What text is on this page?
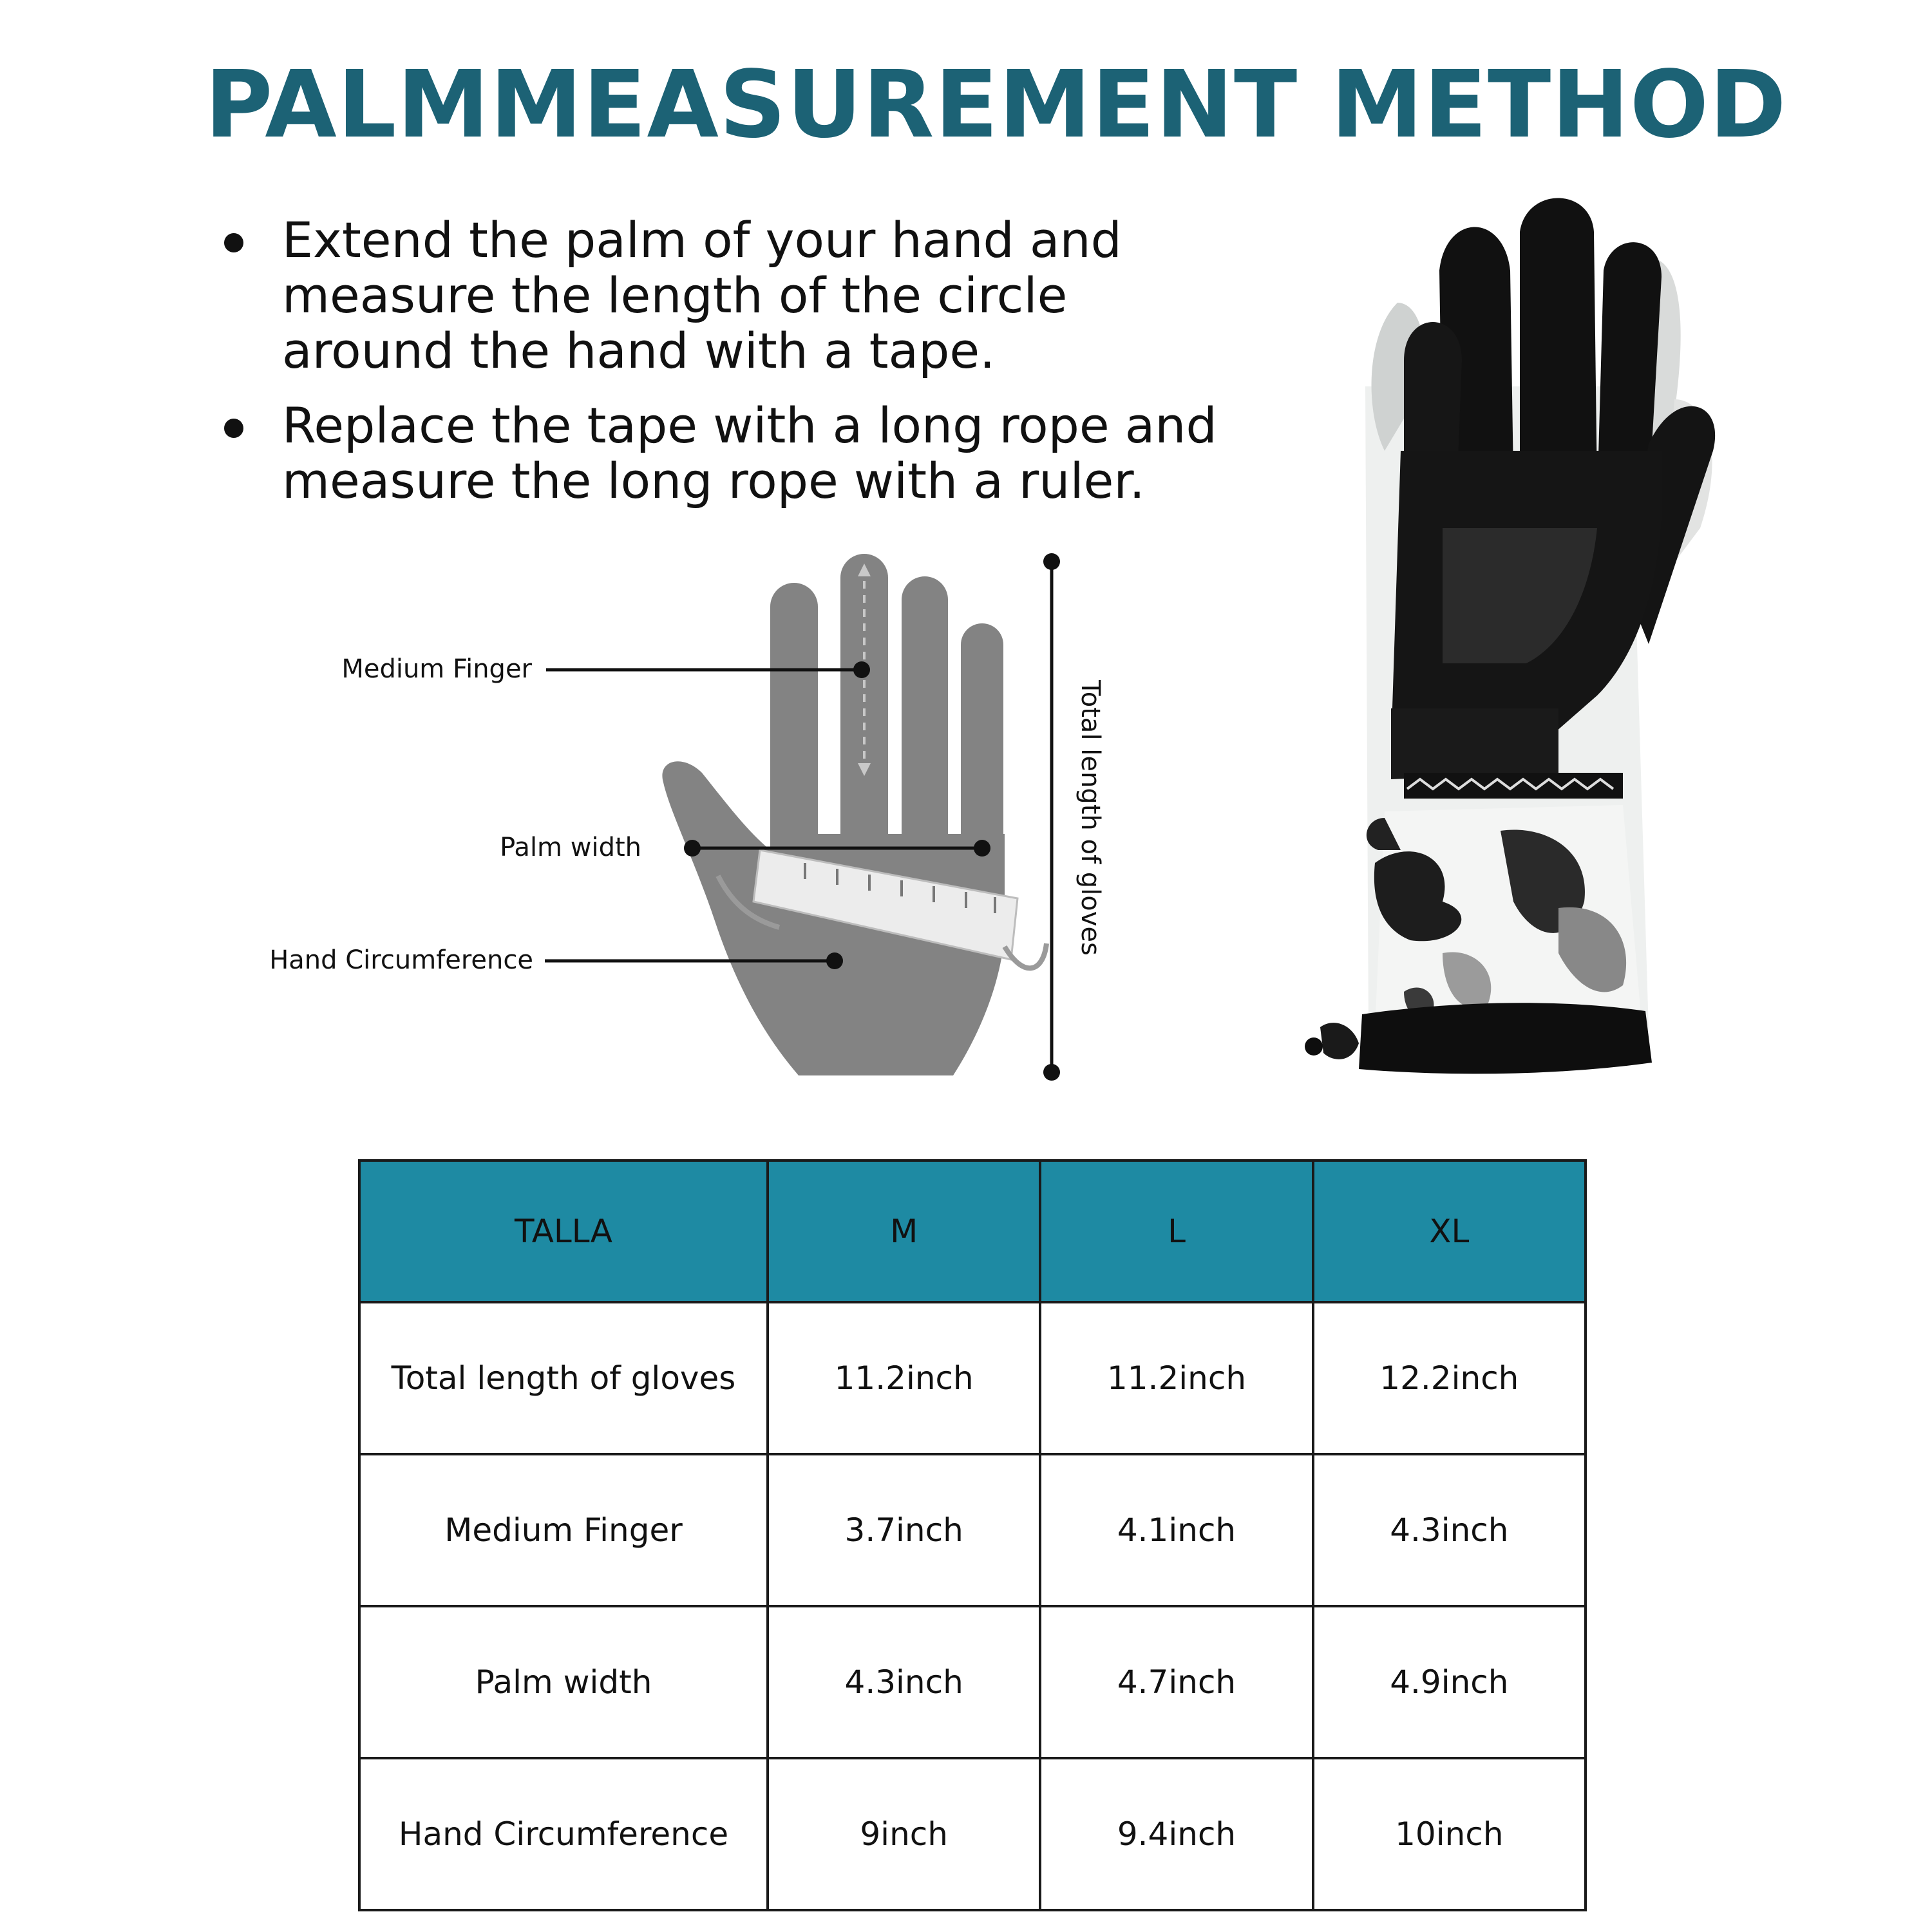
PALMMEASUREMENT METHOD
Extend the palm of your hand and measure the length of the circle around the hand with a tape.
Replace the tape with a long rope and measure the long rope with a ruler.
Medium Finger
Palm width
Hand Circumference
Total length of gloves
TALLA	M	L	XL
Total length of gloves	11.2inch	11.2inch	12.2inch
Medium Finger	3.7inch	4.1inch	4.3inch
Palm width	4.3inch	4.7inch	4.9inch
Hand Circumference	9inch	9.4inch	10inch
